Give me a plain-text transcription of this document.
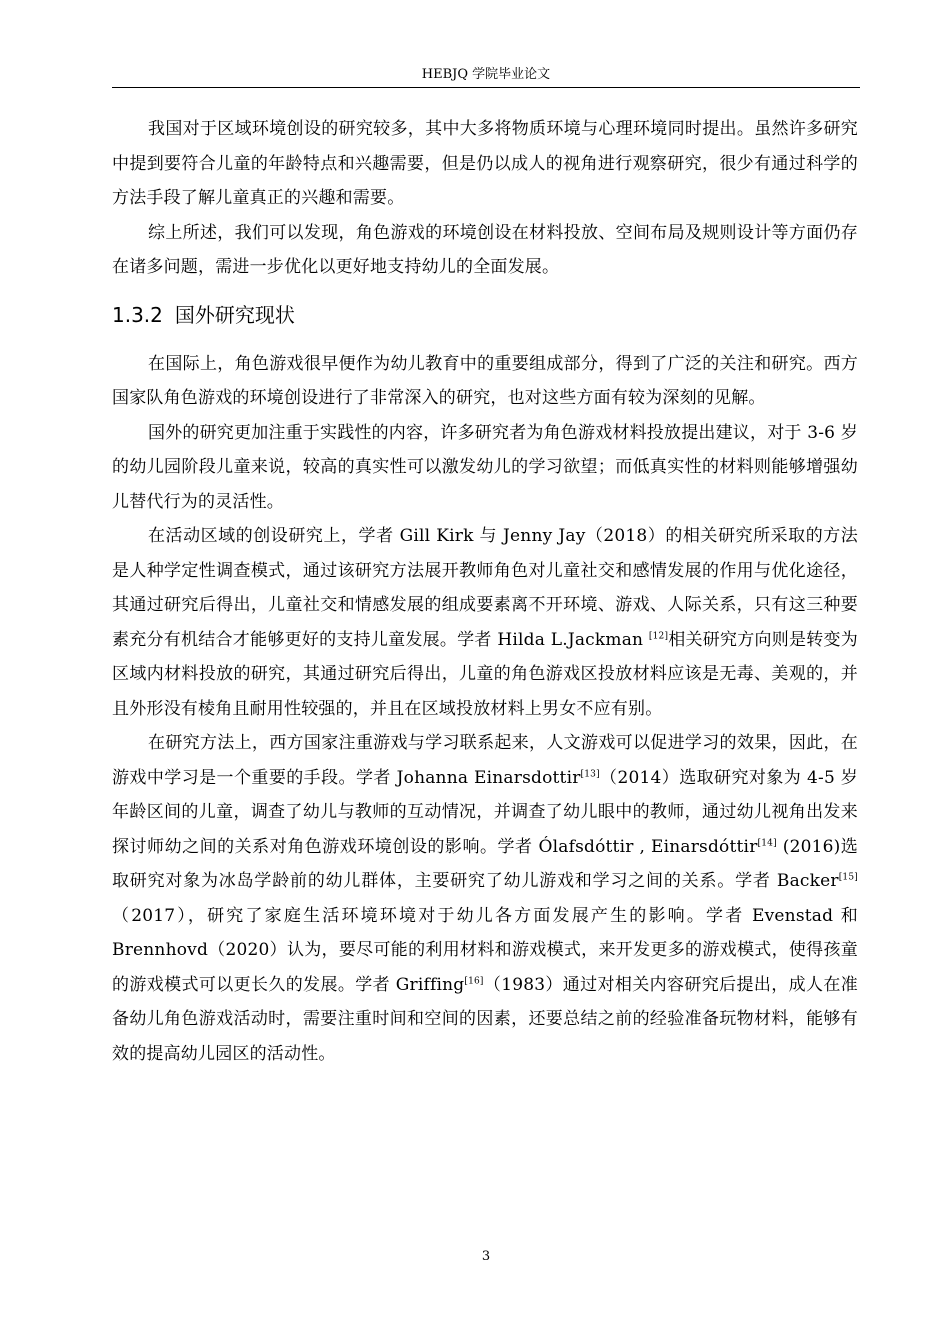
HEBJQ 学院毕业论文

我国对于区域环境创设的研究较多，其中大多将物质环境与心理环境同时提出。虽然许多研究中提到要符合儿童的年龄特点和兴趣需要，但是仍以成人的视角进行观察研究，很少有通过科学的方法手段了解儿童真正的兴趣和需要。

综上所述，我们可以发现，角色游戏的环境创设在材料投放、空间布局及规则设计等方面仍存在诸多问题，需进一步优化以更好地支持幼儿的全面发展。

1.3.2 国外研究现状

在国际上，角色游戏很早便作为幼儿教育中的重要组成部分，得到了广泛的关注和研究。西方国家队角色游戏的环境创设进行了非常深入的研究，也对这些方面有较为深刻的见解。

国外的研究更加注重于实践性的内容，许多研究者为角色游戏材料投放提出建议，对于 3-6 岁的幼儿园阶段儿童来说，较高的真实性可以激发幼儿的学习欲望；而低真实性的材料则能够增强幼儿替代行为的灵活性。

在活动区域的创设研究上，学者 Gill Kirk 与 Jenny Jay（2018）的相关研究所采取的方法是人种学定性调查模式，通过该研究方法展开教师角色对儿童社交和感情发展的作用与优化途径，其通过研究后得出，儿童社交和情感发展的组成要素离不开环境、游戏、人际关系，只有这三种要素充分有机结合才能够更好的支持儿童发展。学者 Hilda L.Jackman [12]相关研究方向则是转变为区域内材料投放的研究，其通过研究后得出，儿童的角色游戏区投放材料应该是无毒、美观的，并且外形没有棱角且耐用性较强的，并且在区域投放材料上男女不应有别。

在研究方法上，西方国家注重游戏与学习联系起来，人文游戏可以促进学习的效果，因此，在游戏中学习是一个重要的手段。学者 Johanna Einarsdottir[13]（2014）选取研究对象为 4-5 岁年龄区间的儿童，调查了幼儿与教师的互动情况，并调查了幼儿眼中的教师，通过幼儿视角出发来探讨师幼之间的关系对角色游戏环境创设的影响。学者 Ólafsdóttir , Einarsdóttir[14] (2016)选取研究对象为冰岛学龄前的幼儿群体，主要研究了幼儿游戏和学习之间的关系。学者 Backer[15]（2017），研究了家庭生活环境环境对于幼儿各方面发展产生的影响。学者 Evenstad 和 Brennhovd（2020）认为，要尽可能的利用材料和游戏模式，来开发更多的游戏模式，使得孩童的游戏模式可以更长久的发展。学者 Griffing[16]（1983）通过对相关内容研究后提出，成人在准备幼儿角色游戏活动时，需要注重时间和空间的因素，还要总结之前的经验准备玩物材料，能够有效的提高幼儿园区的活动性。

3
